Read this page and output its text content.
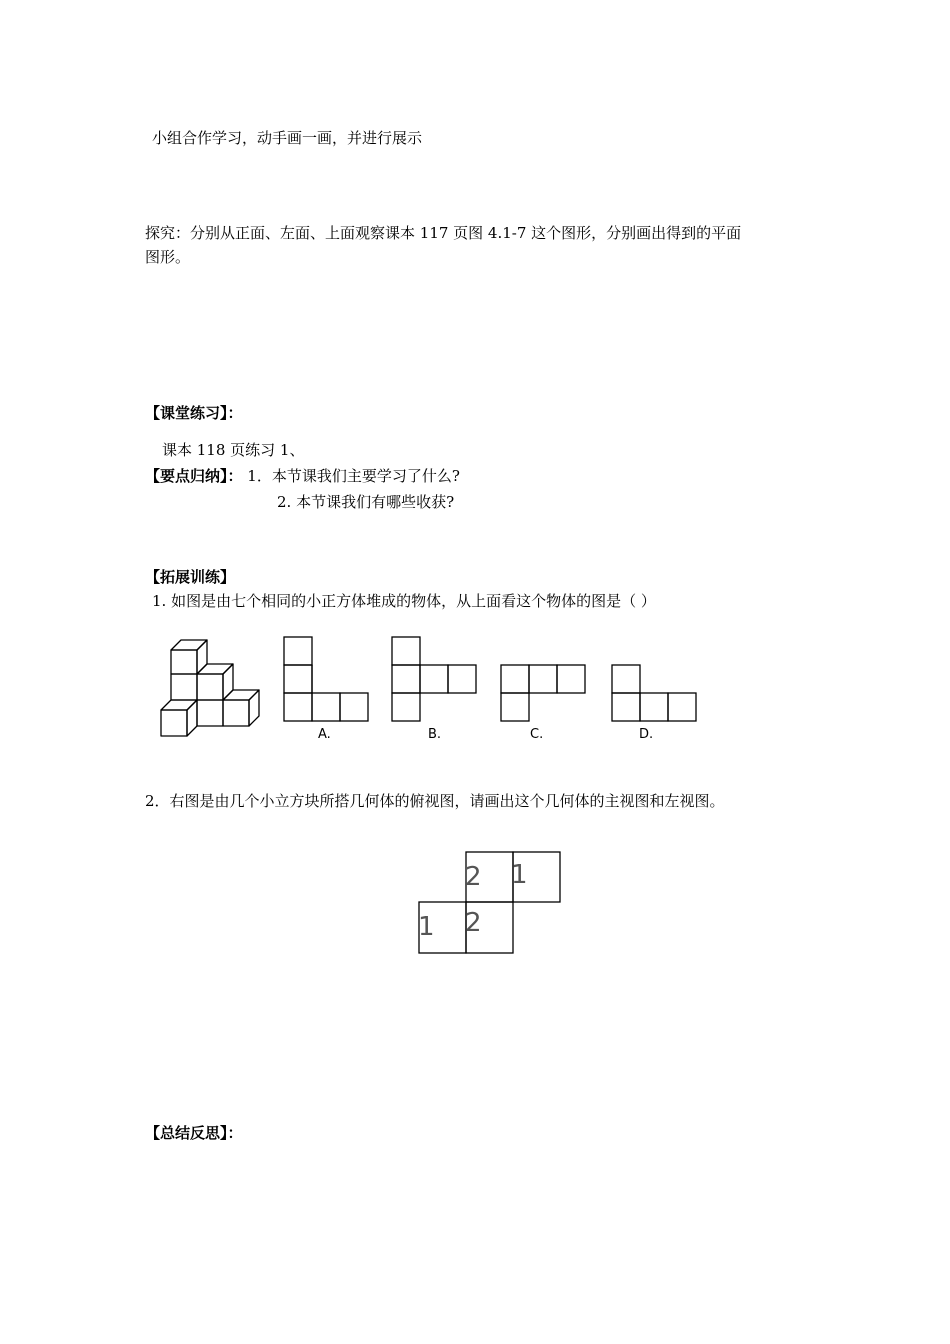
小组合作学习，动手画一画，并进行展示
探究：分别从正面、左面、上面观察课本 117 页图 4.1-7 这个图形，分别画出得到的平面
图形。
【课堂练习】：
课本 118 页练习 1、
【要点归纳】： 1．本节课我们主要学习了什么?
2. 本节课我们有哪些收获?
【拓展训练】
1. 如图是由七个相同的小正方体堆成的物体，从上面看这个物体的图是（ ）
A.	B.	C.	D.
2．右图是由几个小立方块所搭几何体的俯视图，请画出这个几何体的主视图和左视图。
2 1
1 2
【总结反思】：
